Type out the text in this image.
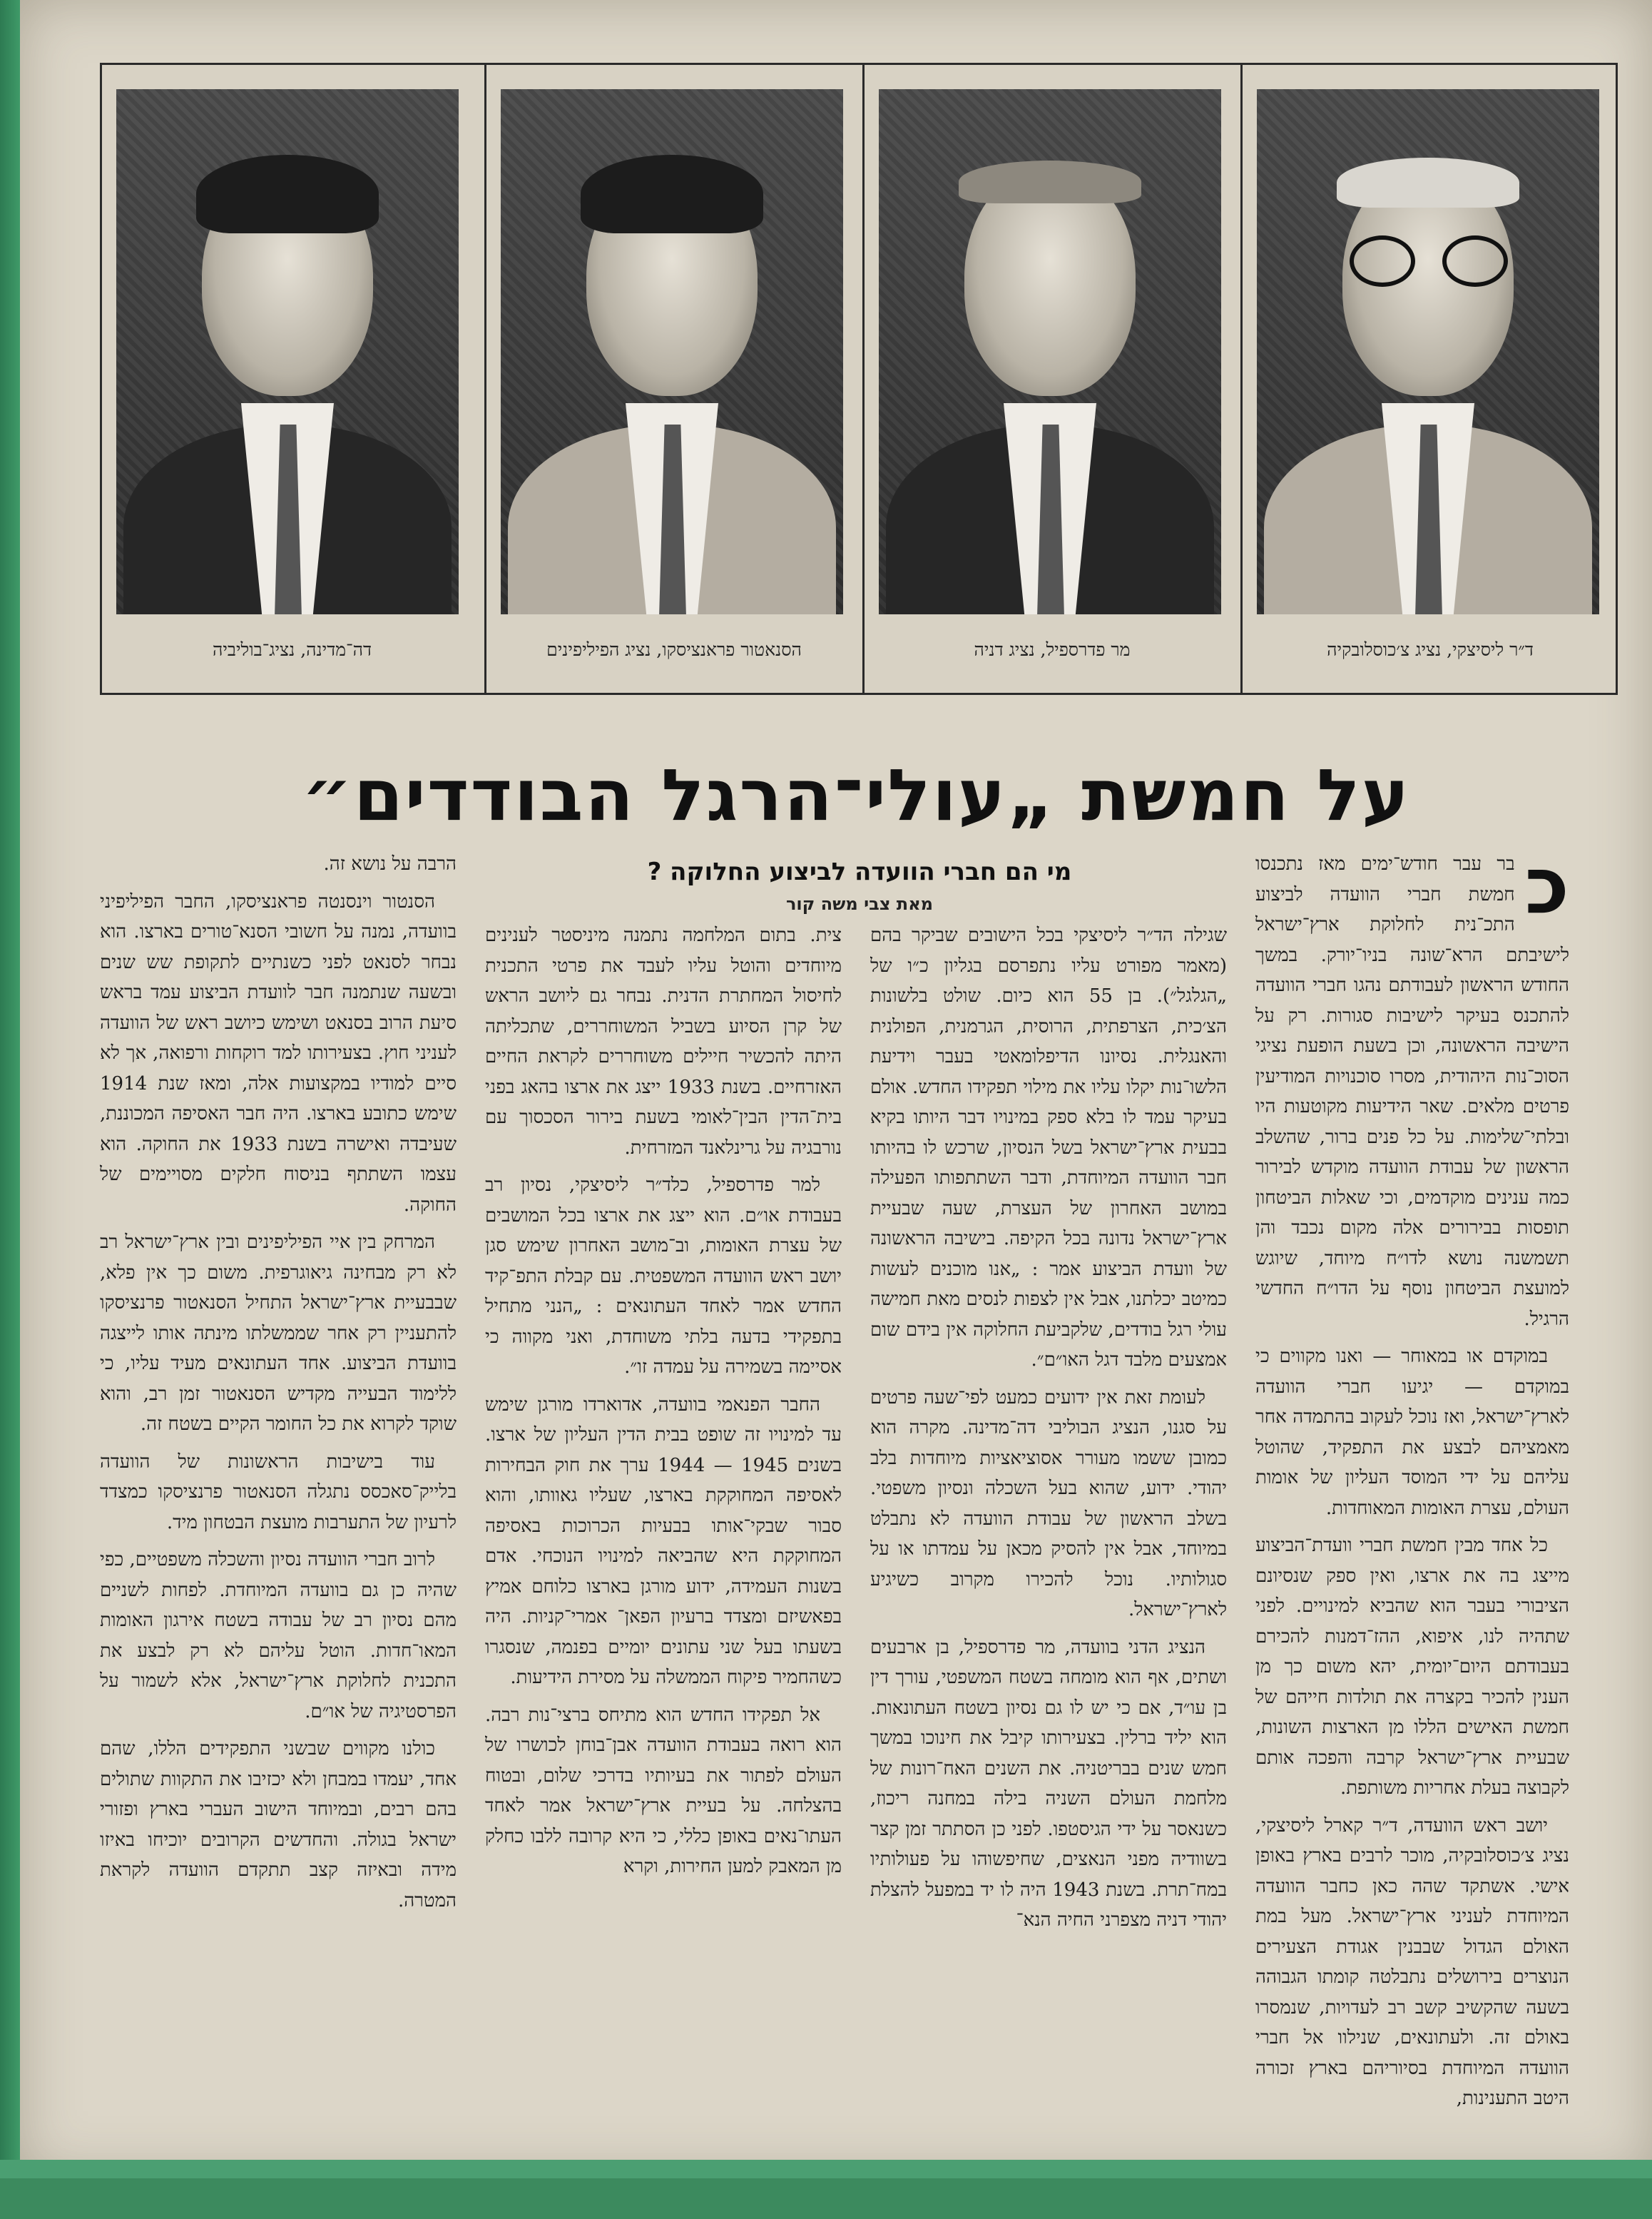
ד״ר ליסיצקי, נציג צ׳כוסלובקיה
מר פדרספיל, נציג דניה
הסנאטור פראנציסקו, נציג הפיליפינים
דה־מדינה, נציג־בוליביה
על חמשת „עולי־הרגל הבודדים״
מי הם חברי הוועדה לביצוע החלוקה ?
מאת צבי משה קור	כ

בר עבר חודש־ימים מאז נתכנסו חמשת חברי הוועדה לביצוע התכ־נית לחלוקת ארץ־ישראל לישיבתם הרא־שונה בניו־יורק. במשך החודש הראשון לעבודתם נהגו חברי הוועדה להתכנס בעיקר לישיבות סגורות. רק על הישיבה הראשונה, וכן בשעת הופעת נציגי הסוכ־נות היהודית, מסרו סוכנויות המודיעין פרטים מלאים. שאר הידיעות מקוטעות היו ובלתי־שלימות. על כל פנים ברור, שהשלב הראשון של עבודת הוועדה מוקדש לבירור כמה ענינים מוקדמים, וכי שאלות הביטחון תופסות בבירורים אלה מקום נכבד והן תשמשנה נושא לדו״ח מיוחד, שיוגש למועצת הביטחון נוסף על הדו״ח החדשי הרגיל.

במוקדם או במאוחר — ואנו מקווים כי במוקדם — יגיעו חברי הוועדה לארץ־ישראל, ואז נוכל לעקוב בהתמדה אחר מאמציהם לבצע את התפקיד, שהוטל עליהם על ידי המוסד העליון של אומות העולם, עצרת האומות המאוחדות.

כל אחד מבין חמשת חברי וועדת־הביצוע מייצג בה את ארצו, ואין ספק שנסיונם הציבורי בעבר הוא שהביא למינויים. לפני שתהיה לנו, איפוא, ההז־דמנות להכירם בעבודתם היום־יומית, יהא משום כך מן הענין להכיר בקצרה את תולדות חייהם של חמשת האישים הללו מן הארצות השונות, שבעיית ארץ־ישראל קרבה והפכה אותם לקבוצה בעלת אחריות משותפת.

יושב ראש הוועדה, ד״ר קארל ליסיצקי, נציג צ׳כוסלובקיה, מוכר לרבים בארץ באופן אישי. אשתקד שהה כאן כחבר הוועדה המיוחדת לעניני ארץ־ישראל. מעל במת האולם הגדול שבבנין אגודת הצעירים הנוצרים בירושלים נתבלטה קומתו הגבוהה בשעה שהקשיב קשב רב לעדויות, שנמסרו באולם זה. ולעתונאים, שנילוו אל חברי הוועדה המיוחדת בסיוריהם בארץ זכורה היטב התענינות,

שגילה הד״ר ליסיצקי בכל הישובים שביקר בהם (מאמר מפורט עליו נתפרסם בגליון כ״ו של „הגלגל״). בן 55 הוא כיום. שולט בלשונות הצ׳כית, הצרפתית, הרוסית, הגרמנית, הפולנית והאנגלית. נסיונו הדיפלומאטי בעבר וידיעת הלשו־נות יקלו עליו את מילוי תפקידו החדש. אולם בעיקר עמד לו בלא ספק במינויו דבר היותו בקיא בבעית ארץ־ישראל בשל הנסיון, שרכש לו בהיותו חבר הוועדה המיוחדת, ודבר השתתפותו הפעילה במושב האחרון של העצרת, שעה שבעיית ארץ־ישראל נדונה בכל הקיפה. בישיבה הראשונה של וועדת הביצוע אמר : „אנו מוכנים לעשות כמיטב יכלתנו, אבל אין לצפות לנסים מאת חמישה עולי רגל בודדים, שלקביעת החלוקה אין בידם שום אמצעים מלבד דגל האו״ם״.

לעומת זאת אין ידועים כמעט לפי־שעה פרטים על סגנו, הנציג הבוליבי דה־מדינה. מקרה הוא כמובן ששמו מעורר אסוציאציות מיוחדות בלב יהודי. ידוע, שהוא בעל השכלה ונסיון משפטי. בשלב הראשון של עבודת הוועדה לא נתבלט במיוחד, אבל אין להסיק מכאן על עמדתו או על סגולותיו. נוכל להכירו מקרוב כשיגיע לארץ־ישראל.

הנציג הדני בוועדה, מר פדרספיל, בן ארבעים ושתים, אף הוא מומחה בשטח המשפטי, עורך דין בן עו״ד, אם כי יש לו גם נסיון בשטח העתונאות. הוא יליד ברלין. בצעירותו קיבל את חינוכו במשך חמש שנים בבריטניה. את השנים האח־רונות של מלחמת העולם השניה בילה במחנה ריכוז, כשנאסר על ידי הגיסטפו. לפני כן הסתתר זמן קצר בשוודיה מפני הנאצים, שחיפשוהו על פעולותיו במח־תרת. בשנת 1943 היה לו יד במפעל להצלת יהודי דניה מצפרני החיה הנא־

צית. בתום המלחמה נתמנה מיניסטר לענינים מיוחדים והוטל עליו לעבד את פרטי התכנית לחיסול המחתרת הדנית. נבחר גם ליושב הראש של קרן הסיוע בשביל המשוחררים, שתכליתה היתה להכשיר חיילים משוחררים לקראת החיים האזרחיים. בשנת 1933 ייצג את ארצו בהאג בפני בית־הדין הבין־לאומי בשעת בירור הסכסוך עם נורבגיה על גרינלאנד המזרחית.

למר פדרספיל, כלד״ר ליסיצקי, נסיון רב בעבודת או״ם. הוא ייצג את ארצו בכל המושבים של עצרת האומות, וב־מושב האחרון שימש סגן יושב ראש הוועדה המשפטית. עם קבלת התפ־קיד החדש אמר לאחד העתונאים : „הנני מתחיל בתפקידי בדעה בלתי משוחדת, ואני מקווה כי אסיימה בשמירה על עמדה זו״.

החבר הפנאמי בוועדה, אדוארדו מורגן שימש עד למינויו זה שופט בבית הדין העליון של ארצו. בשנים 1945 — 1944 ערך את חוק הבחירות לאסיפה המחוקקת בארצו, שעליו גאוותו, והוא סבור שבקי־אותו בבעיות הכרוכות באסיפה המחוקקת היא שהביאה למינויו הנוכחי. אדם בשנות העמידה, ידוע מורגן בארצו כלוחם אמיץ בפאשיזם ומצדד ברעיון הפאן־ אמרי־קניות. היה בשעתו בעל שני עתונים יומיים בפנמה, שנסגרו כשהחמיר פיקוח הממשלה על מסירת הידיעות.

אל תפקידו החדש הוא מתיחס ברצי־נות רבה. הוא רואה בעבודת הוועדה אבן־בוחן לכושרו של העולם לפתור את בעיותיו בדרכי שלום, ובטוח בהצלחה. על בעיית ארץ־ישראל אמר לאחד העתו־נאים באופן כללי, כי היא קרובה ללבו כחלק מן המאבק למען החירות, וקרא

הרבה על נושא זה.

הסנטור וינסנטה פראנציסקו, החבר הפיליפיני בוועדה, נמנה על חשובי הסנא־טורים בארצו. הוא נבחר לסנאט לפני כשנתיים לתקופת שש שנים ובשעה שנתמנה חבר לוועדת הביצוע עמד בראש סיעת הרוב בסנאט ושימש כיושב ראש של הוועדה לעניני חוץ. בצעירותו למד רוקחות ורפואה, אך לא סיים למודיו במקצועות אלה, ומאז שנת 1914 שימש כתובע בארצו. היה חבר האסיפה המכוננת, שעיבדה ואישרה בשנת 1933 את החוקה. הוא עצמו השתתף בניסוח חלקים מסויימים של החוקה.

המרחק בין איי הפיליפינים ובין ארץ־ישראל רב לא רק מבחינה גיאוגרפית. משום כך אין פלא, שבבעיית ארץ־ישראל התחיל הסנאטור פרנציסקו להתעניין רק אחר שממשלתו מינתה אותו לייצגה בוועדת הביצוע. אחד העתונאים מעיד עליו, כי ללימוד הבעייה מקדיש הסנאטור זמן רב, והוא שוקד לקרוא את כל החומר הקיים בשטח זה.

עוד בישיבות הראשונות של הוועדה בלייק־סאכסס נתגלה הסנאטור פרנציסקו כמצדד לרעיון של התערבות מועצת הבטחון מיד.

לרוב חברי הוועדה נסיון והשכלה משפטיים, כפי שהיה כן גם בוועדה המיוחדת. לפחות לשניים מהם נסיון רב של עבודה בשטח אירגון האומות המאו־חדות. הוטל עליהם לא רק לבצע את התכנית לחלוקת ארץ־ישראל, אלא לשמור על הפרסטיגיה של או״ם.

כולנו מקווים שבשני התפקידים הללו, שהם אחד, יעמדו במבחן ולא יכזיבו את התקוות שתולים בהם רבים, ובמיוחד הישוב העברי בארץ ופזורי ישראל בגולה. והחדשים הקרובים יוכיחו באיזו מידה ובאיזה קצב תתקדם הוועדה לקראת המטרה.
